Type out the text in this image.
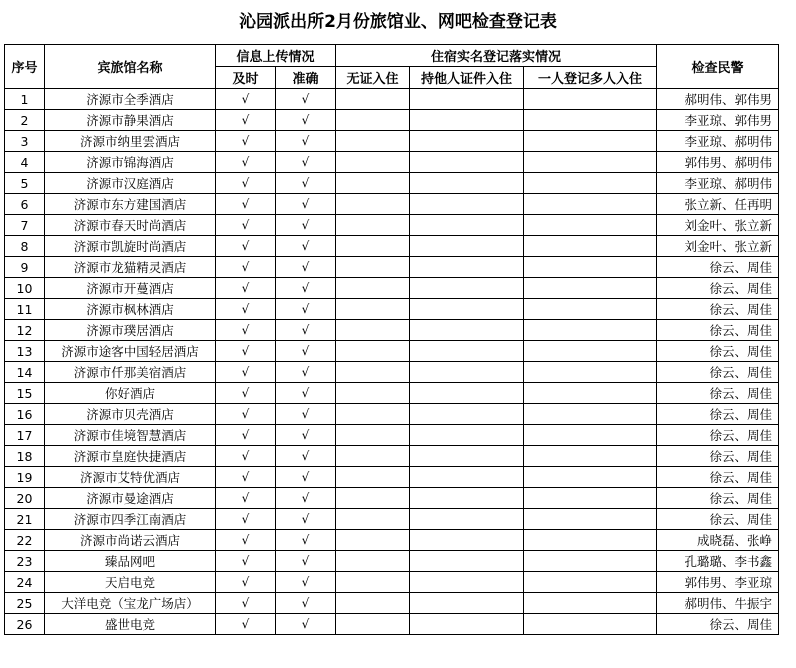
沁园派出所2月份旅馆业、网吧检查登记表
序号	宾旅馆名称	信息上传情况		住宿实名登记落实情况			检查民警
		及时	准确	无证入住	持他人证件入住	一人登记多人入住	
1	济源市全季酒店	√	√				郝明伟、郭伟男
2	济源市静果酒店	√	√				李亚琼、郭伟男
3	济源市纳里雲酒店	√	√				李亚琼、郝明伟
4	济源市锦海酒店	√	√				郭伟男、郝明伟
5	济源市汉庭酒店	√	√				李亚琼、郝明伟
6	济源市东方建国酒店	√	√				张立新、任再明
7	济源市春天时尚酒店	√	√				刘金叶、张立新
8	济源市凯旋时尚酒店	√	√				刘金叶、张立新
9	济源市龙猫精灵酒店	√	√				徐云、周佳
10	济源市开蔓酒店	√	√				徐云、周佳
11	济源市枫林酒店	√	√				徐云、周佳
12	济源市璞居酒店	√	√				徐云、周佳
13	济源市途客中国轻居酒店	√	√				徐云、周佳
14	济源市仟那美宿酒店	√	√				徐云、周佳
15	你好酒店	√	√				徐云、周佳
16	济源市贝壳酒店	√	√				徐云、周佳
17	济源市佳境智慧酒店	√	√				徐云、周佳
18	济源市皇庭快捷酒店	√	√				徐云、周佳
19	济源市艾特优酒店	√	√				徐云、周佳
20	济源市曼途酒店	√	√				徐云、周佳
21	济源市四季江南酒店	√	√				徐云、周佳
22	济源市尚诺云酒店	√	√				成晓磊、张峥
23	臻品网吧	√	√				孔璐璐、李书鑫
24	天启电竞	√	√				郭伟男、李亚琼
25	大洋电竞（宝龙广场店）	√	√				郝明伟、牛振宇
26	盛世电竞	√	√				徐云、周佳
